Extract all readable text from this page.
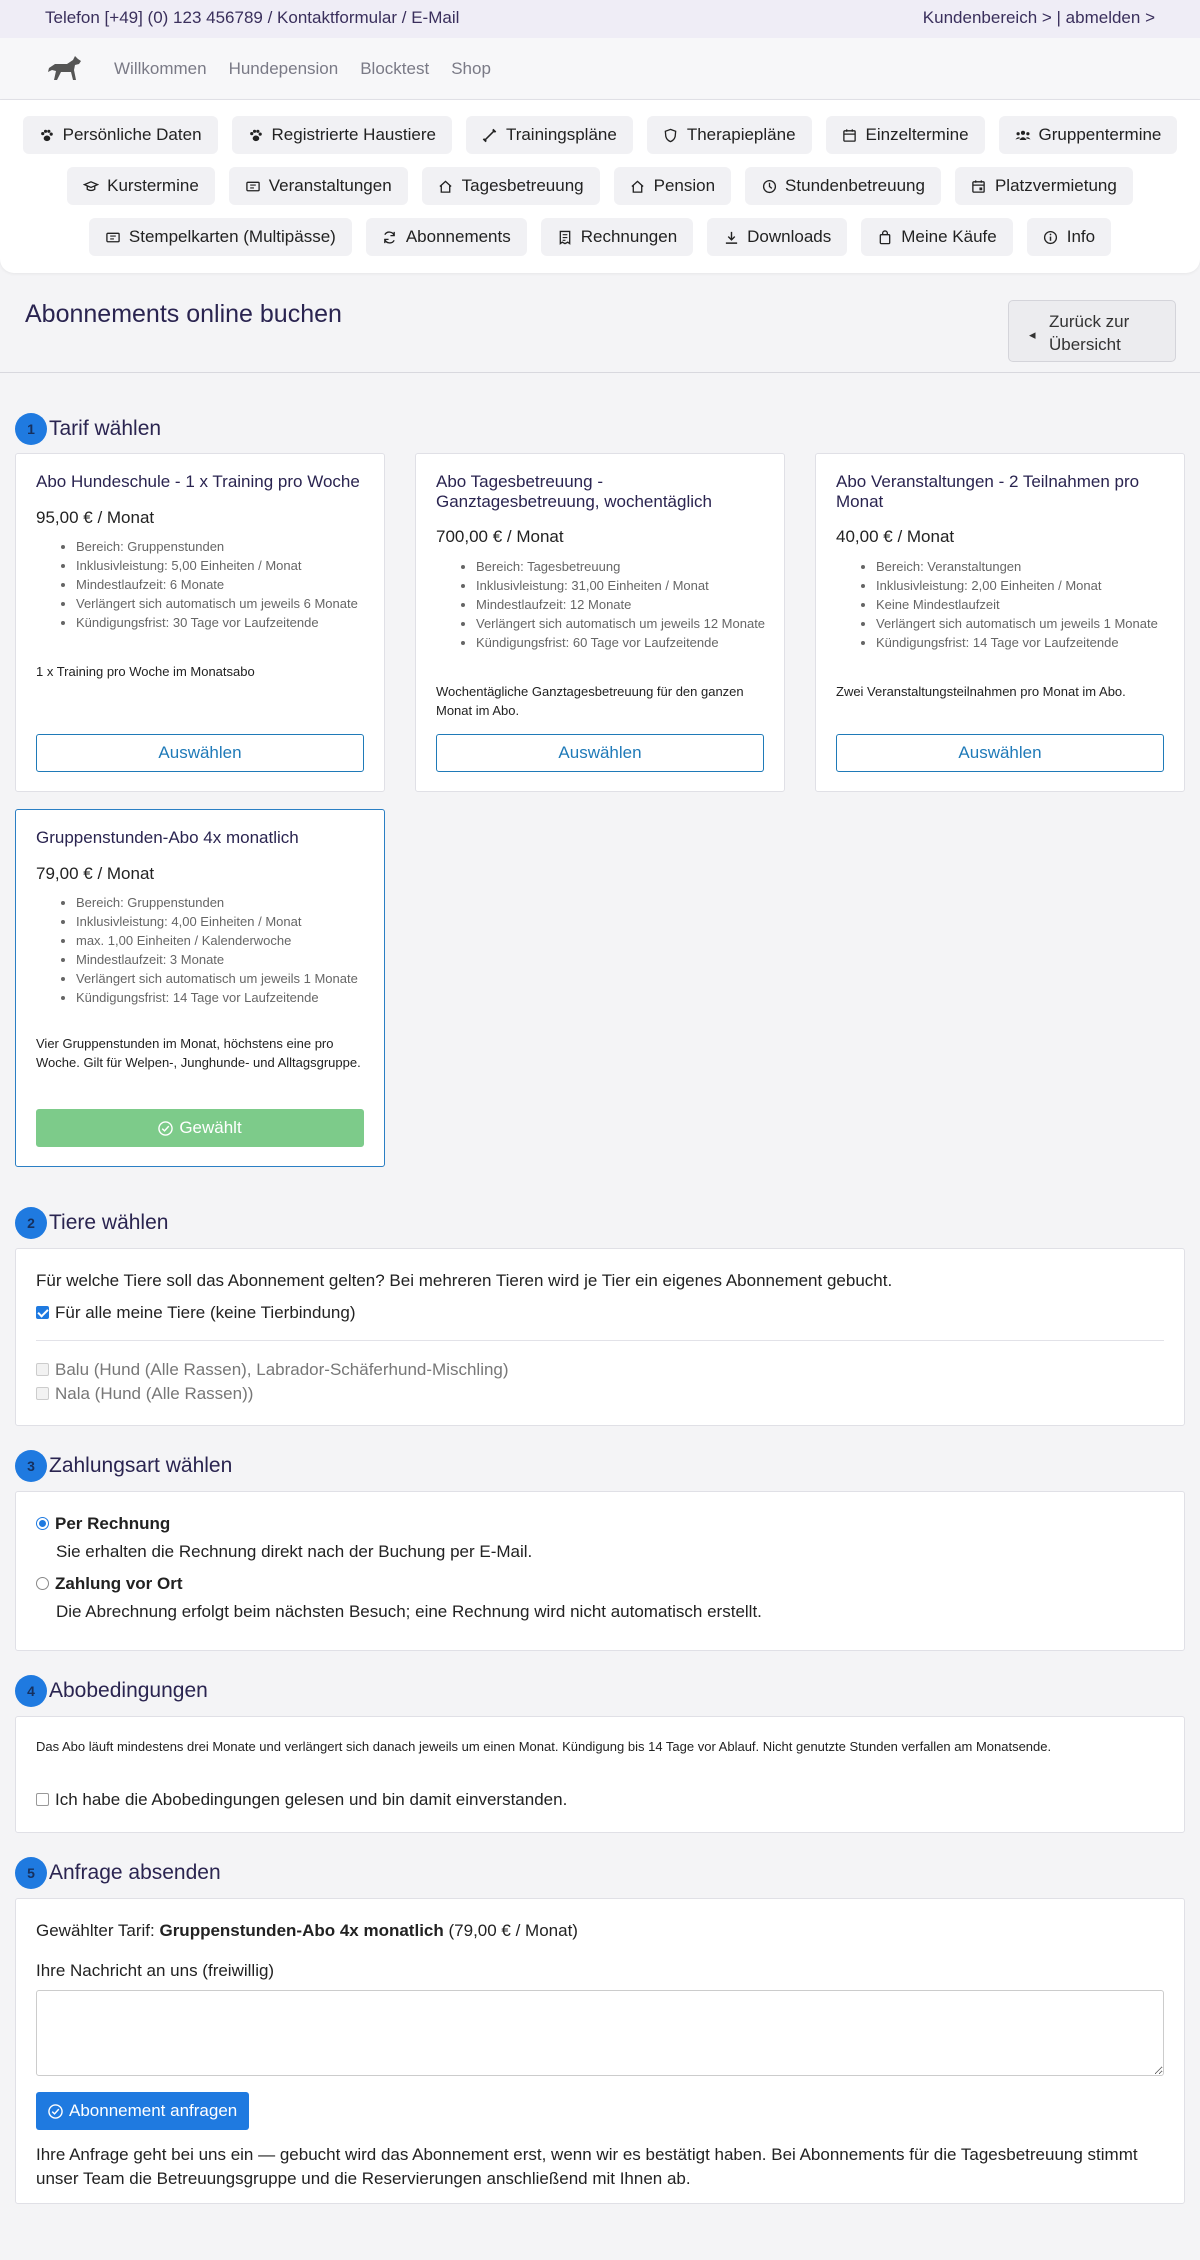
Telefon [+49] (0) 123 456789 / Kontaktformular / E-Mail	Kundenbereich > | abmelden >
Willkommen Hundepension Blocktest Shop
Persönliche Daten	Registrierte Haustiere	Trainingspläne	Therapiepläne	Einzeltermine	Gruppentermine
Kurstermine	Veranstaltungen	Tagesbetreuung	Pension	Stundenbetreuung	Platzvermietung
Stempelkarten (Multipässe)	Abonnements	Rechnungen	Downloads	Meine Käufe	Info
Abonnements online buchen
◂
Zurück zur
Übersicht
1 Tarif wählen
Abo Hundeschule - 1 x Training pro Woche
95,00 € / Monat
• Bereich: Gruppenstunden
• Inklusivleistung: 5,00 Einheiten / Monat
• Mindestlaufzeit: 6 Monate
• Verlängert sich automatisch um jeweils 6 Monate
• Kündigungsfrist: 30 Tage vor Laufzeitende
1 x Training pro Woche im Monatsabo
Auswählen
Abo Tagesbetreuung - Ganztagesbetreuung, wochentäglich
700,00 € / Monat
• Bereich: Tagesbetreuung
• Inklusivleistung: 31,00 Einheiten / Monat
• Mindestlaufzeit: 12 Monate
• Verlängert sich automatisch um jeweils 12 Monate
• Kündigungsfrist: 60 Tage vor Laufzeitende
Wochentägliche Ganztagesbetreuung für den ganzen Monat im Abo.
Auswählen
Abo Veranstaltungen - 2 Teilnahmen pro Monat
40,00 € / Monat
• Bereich: Veranstaltungen
• Inklusivleistung: 2,00 Einheiten / Monat
• Keine Mindestlaufzeit
• Verlängert sich automatisch um jeweils 1 Monate
• Kündigungsfrist: 14 Tage vor Laufzeitende
Zwei Veranstaltungsteilnahmen pro Monat im Abo.
Auswählen
Gruppenstunden-Abo 4x monatlich
79,00 € / Monat
• Bereich: Gruppenstunden
• Inklusivleistung: 4,00 Einheiten / Monat
• max. 1,00 Einheiten / Kalenderwoche
• Mindestlaufzeit: 3 Monate
• Verlängert sich automatisch um jeweils 1 Monate
• Kündigungsfrist: 14 Tage vor Laufzeitende
Vier Gruppenstunden im Monat, höchstens eine pro Woche. Gilt für Welpen-, Junghunde- und Alltagsgruppe.
Gewählt
2 Tiere wählen
Für welche Tiere soll das Abonnement gelten? Bei mehreren Tieren wird je Tier ein eigenes Abonnement gebucht.
Für alle meine Tiere (keine Tierbindung)
Balu (Hund (Alle Rassen), Labrador-Schäferhund-Mischling)
Nala (Hund (Alle Rassen))
3 Zahlungsart wählen
Per Rechnung
Sie erhalten die Rechnung direkt nach der Buchung per E-Mail.
Zahlung vor Ort
Die Abrechnung erfolgt beim nächsten Besuch; eine Rechnung wird nicht automatisch erstellt.
4 Abobedingungen
Das Abo läuft mindestens drei Monate und verlängert sich danach jeweils um einen Monat. Kündigung bis 14 Tage vor Ablauf. Nicht genutzte Stunden verfallen am Monatsende.
Ich habe die Abobedingungen gelesen und bin damit einverstanden.
5 Anfrage absenden
Gewählter Tarif: Gruppenstunden-Abo 4x monatlich (79,00 € / Monat)
Ihre Nachricht an uns (freiwillig)
Abonnement anfragen
Ihre Anfrage geht bei uns ein — gebucht wird das Abonnement erst, wenn wir es bestätigt haben. Bei Abonnements für die Tagesbetreuung stimmt unser Team die Betreuungsgruppe und die Reservierungen anschließend mit Ihnen ab.
